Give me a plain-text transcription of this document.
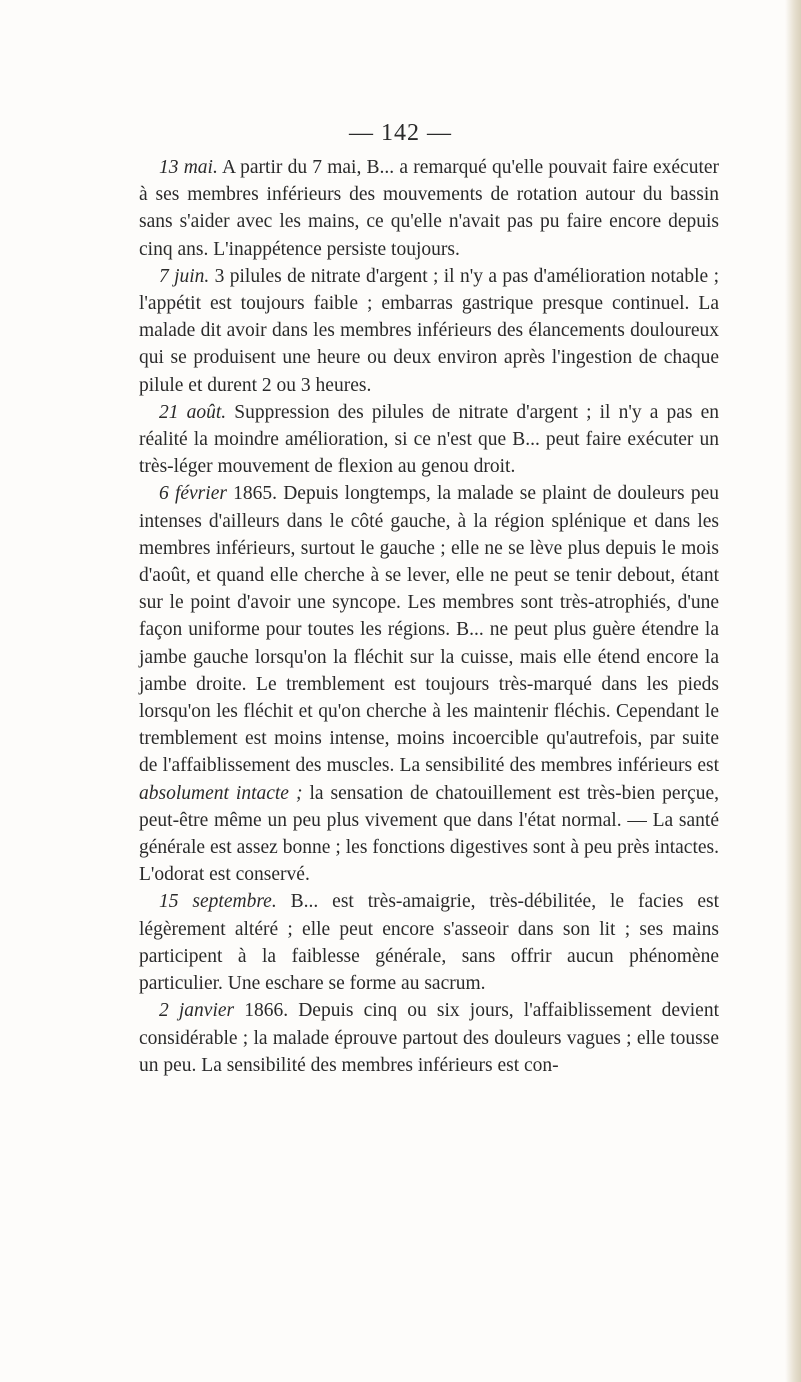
— 142 —

13 mai. A partir du 7 mai, B... a remarqué qu'elle pouvait faire exécuter à ses membres inférieurs des mouvements de rotation autour du bassin sans s'aider avec les mains, ce qu'elle n'avait pas pu faire encore depuis cinq ans. L'inappétence persiste toujours.

7 juin. 3 pilules de nitrate d'argent ; il n'y a pas d'amélioration notable ; l'appétit est toujours faible ; embarras gastrique presque continuel. La malade dit avoir dans les membres inférieurs des élancements douloureux qui se produisent une heure ou deux environ après l'ingestion de chaque pilule et durent 2 ou 3 heures.

21 août. Suppression des pilules de nitrate d'argent ; il n'y a pas en réalité la moindre amélioration, si ce n'est que B... peut faire exécuter un très-léger mouvement de flexion au genou droit.

6 février 1865. Depuis longtemps, la malade se plaint de douleurs peu intenses d'ailleurs dans le côté gauche, à la région splénique et dans les membres inférieurs, surtout le gauche ; elle ne se lève plus depuis le mois d'août, et quand elle cherche à se lever, elle ne peut se tenir debout, étant sur le point d'avoir une syncope. Les membres sont très-atrophiés, d'une façon uniforme pour toutes les régions. B... ne peut plus guère étendre la jambe gauche lorsqu'on la fléchit sur la cuisse, mais elle étend encore la jambe droite. Le tremblement est toujours très-marqué dans les pieds lorsqu'on les fléchit et qu'on cherche à les maintenir fléchis. Cependant le tremblement est moins intense, moins incoercible qu'autrefois, par suite de l'affaiblissement des muscles. La sensibilité des membres inférieurs est absolument intacte ; la sensation de chatouillement est très-bien perçue, peut-être même un peu plus vivement que dans l'état normal. — La santé générale est assez bonne ; les fonctions digestives sont à peu près intactes. L'odorat est conservé.

15 septembre. B... est très-amaigrie, très-débilitée, le facies est légèrement altéré ; elle peut encore s'asseoir dans son lit ; ses mains participent à la faiblesse générale, sans offrir aucun phénomène particulier. Une eschare se forme au sacrum.

2 janvier 1866. Depuis cinq ou six jours, l'affaiblissement devient considérable ; la malade éprouve partout des douleurs vagues ; elle tousse un peu. La sensibilité des membres inférieurs est con-
